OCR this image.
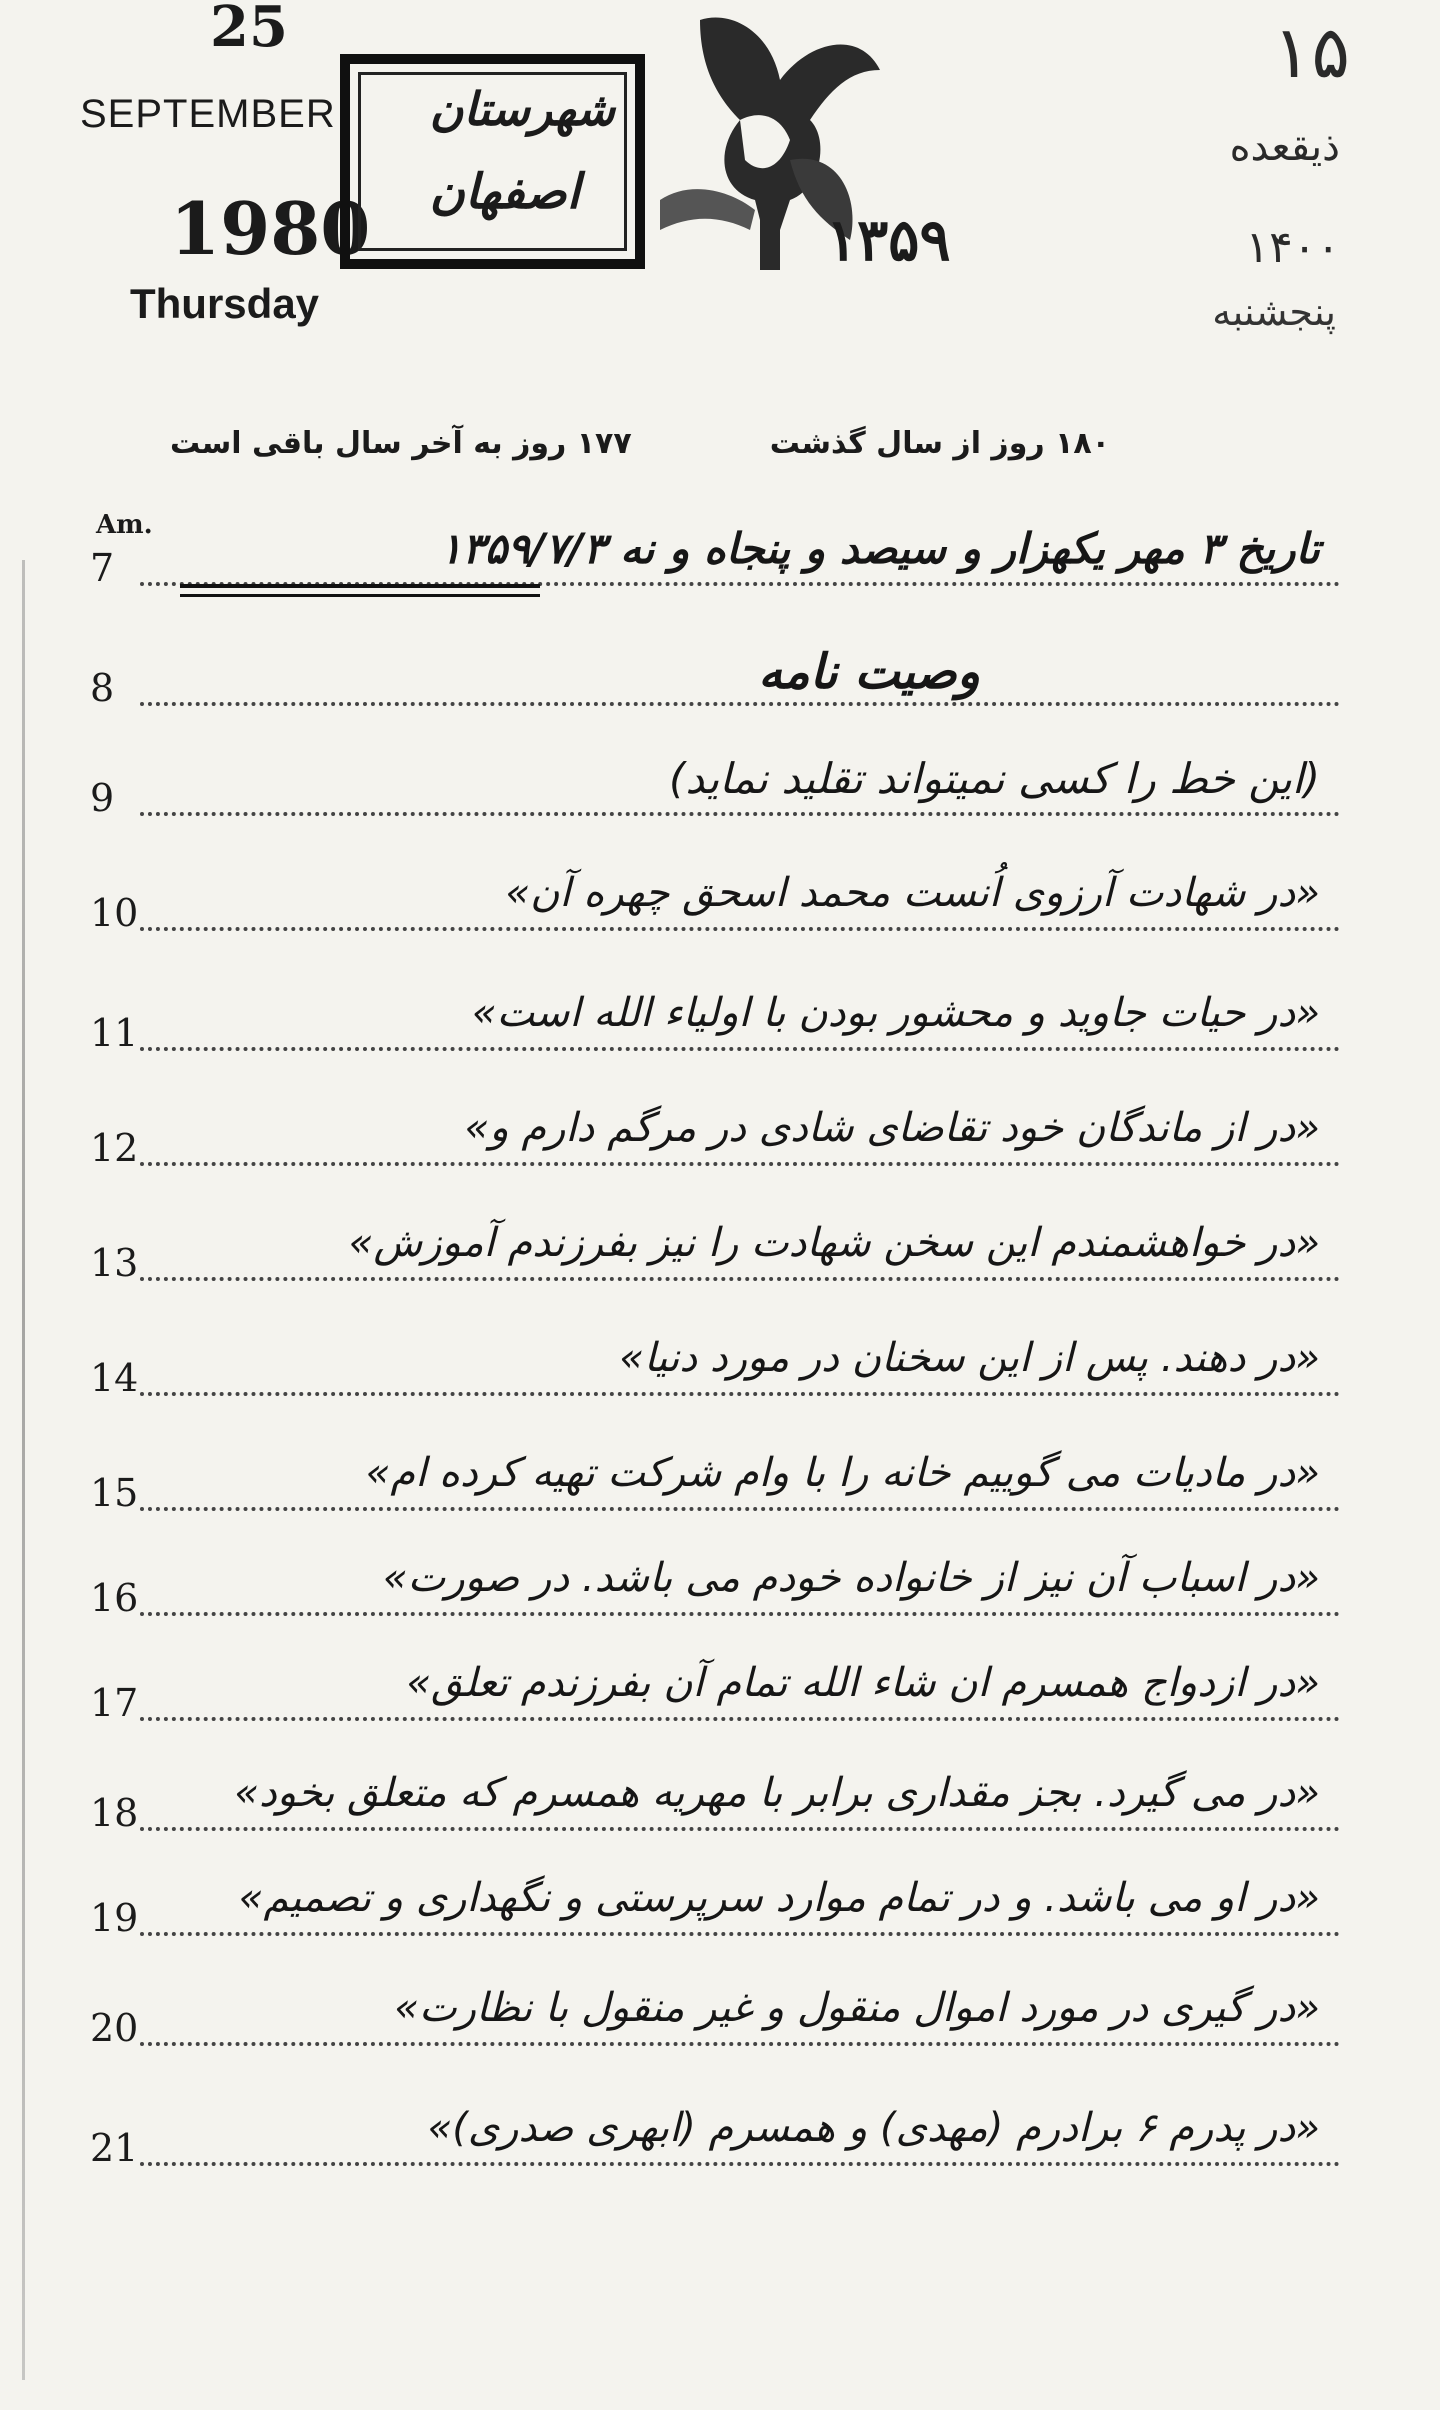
25
SEPTEMBER
1980
Thursday
شهرستان
اصفهان
۱۳۵۹
۱۵
ذیقعده
۱۴۰۰
پنجشنبه
۱۷۷ روز به آخر سال باقی است	۱۸۰ روز از سال گذشت
Am.
7	تاریخ ۳ مهر یکهزار و سیصد و پنجاه و نه ۱۳۵۹/۷/۳
8	وصیت نامه
9	(این خط را کسی نمیتواند تقلید نماید)
10	«در شهادت آرزوی اُنست محمد اسحق چهره آن»
11	«در حیات جاوید و محشور بودن با اولیاء الله است»
12	«در از ماندگان خود تقاضای شادی در مرگم دارم و»
13	«در خواهشمندم این سخن شهادت را نیز بفرزندم آموزش»
14	«در دهند. پس از این سخنان در مورد دنیا»
15	«در مادیات می گوییم خانه را با وام شرکت تهیه کرده ام»
16	«در اسباب آن نیز از خانواده خودم می باشد. در صورت»
17	«در ازدواج همسرم ان شاء الله تمام آن بفرزندم تعلق»
18 «در می گیرد. بجز مقداری برابر با مهریه همسرم که متعلق بخود»
19	«در او می باشد. و در تمام موارد سرپرستی و نگهداری و تصمیم»
20	«در گیری در مورد اموال منقول و غیر منقول با نظارت»
21	«در پدرم ۶ برادرم (مهدی) و همسرم (ابهری صدری)»
